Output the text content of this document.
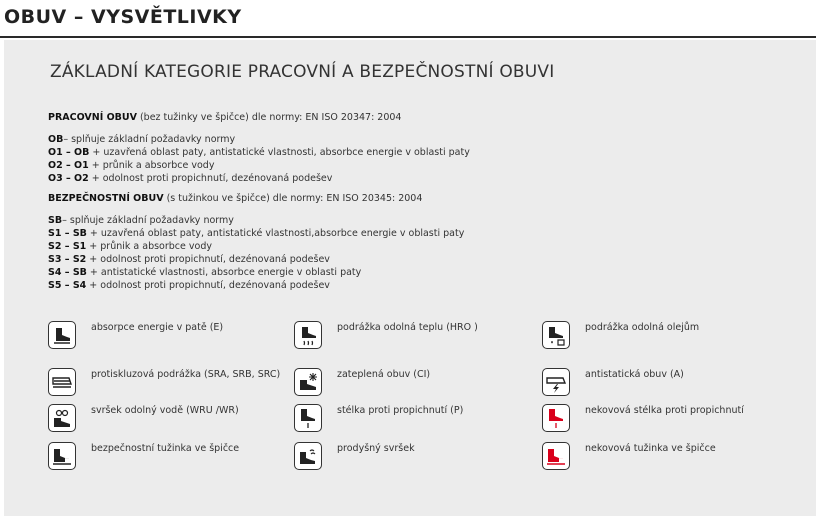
OBUV – VYSVĚTLIVKY
ZÁKLADNÍ KATEGORIE PRACOVNÍ A BEZPEČNOSTNÍ OBUVI
PRACOVNÍ OBUV (bez tužinky ve špičce) dle normy: EN ISO 20347: 2004
OB– splňuje základní požadavky normy
O1 – OB + uzavřená oblast paty, antistatické vlastnosti, absorbce energie v oblasti paty
O2 – O1 + průnik a absorbce vody
O3 – O2 + odolnost proti propichnutí, dezénovaná podešev
BEZPEČNOSTNÍ OBUV (s tužinkou ve špičce) dle normy: EN ISO 20345: 2004
SB– splňuje základní požadavky normy
S1 – SB + uzavřená oblast paty, antistatické vlastnosti,absorbce energie v oblasti paty
S2 – S1 + průnik a absorbce vody
S3 – S2 + odolnost proti propichnutí, dezénovaná podešev
S4 – SB + antistatické vlastnosti, absorbce energie v oblasti paty
S5 – S4 + odolnost proti propichnutí, dezénovaná podešev
absorpce energie v patě (E)	podrážka odolná teplu (HRO )	podrážka odolná olejům
protiskluzová podrážka (SRA, SRB, SRC)	zateplená obuv (CI)	antistatická obuv (A)
svršek odolný vodě (WRU /WR)	stélka proti propichnutí (P)	nekovová stélka proti propichnutí
bezpečnostní tužinka ve špičce	prodyšný svršek	nekovová tužinka ve špičce
